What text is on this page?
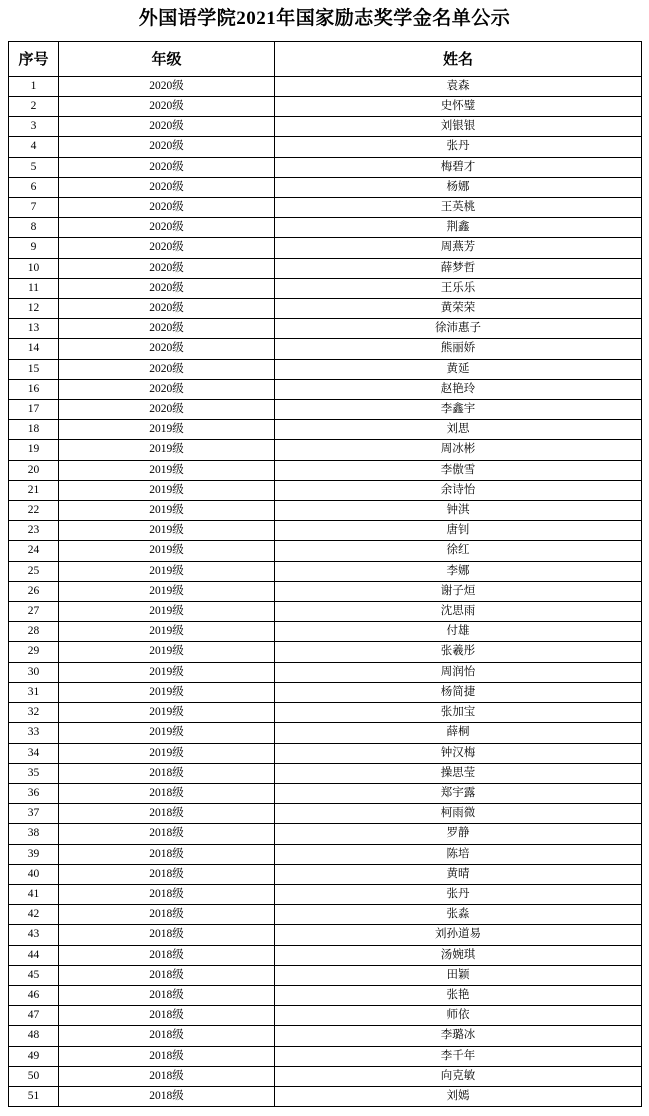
外国语学院2021年国家励志奖学金名单公示
序号	年级	姓名
1	2020级	袁森
2	2020级	史怀璧
3	2020级	刘银银
4	2020级	张丹
5	2020级	梅碧才
6	2020级	杨娜
7	2020级	王英桃
8	2020级	荆鑫
9	2020级	周燕芳
10	2020级	薛梦哲
11	2020级	王乐乐
12	2020级	黄荣荣
13	2020级	徐沛惠子
14	2020级	熊丽娇
15	2020级	黄延
16	2020级	赵艳玲
17	2020级	李鑫宇
18	2019级	刘思
19	2019级	周冰彬
20	2019级	李傲雪
21	2019级	余诗怡
22	2019级	钟淇
23	2019级	唐钊
24	2019级	徐红
25	2019级	李娜
26	2019级	谢子烜
27	2019级	沈思雨
28	2019级	付雄
29	2019级	张羲彤
30	2019级	周润怡
31	2019级	杨简捷
32	2019级	张加宝
33	2019级	薛桐
34	2019级	钟汉梅
35	2018级	操思莹
36	2018级	郑宇露
37	2018级	柯雨微
38	2018级	罗静
39	2018级	陈培
40	2018级	黄晴
41	2018级	张丹
42	2018级	张淼
43	2018级	刘孙道易
44	2018级	汤婉琪
45	2018级	田颖
46	2018级	张艳
47	2018级	师依
48	2018级	李璐冰
49	2018级	李千年
50	2018级	向克敏
51	2018级	刘嫣
